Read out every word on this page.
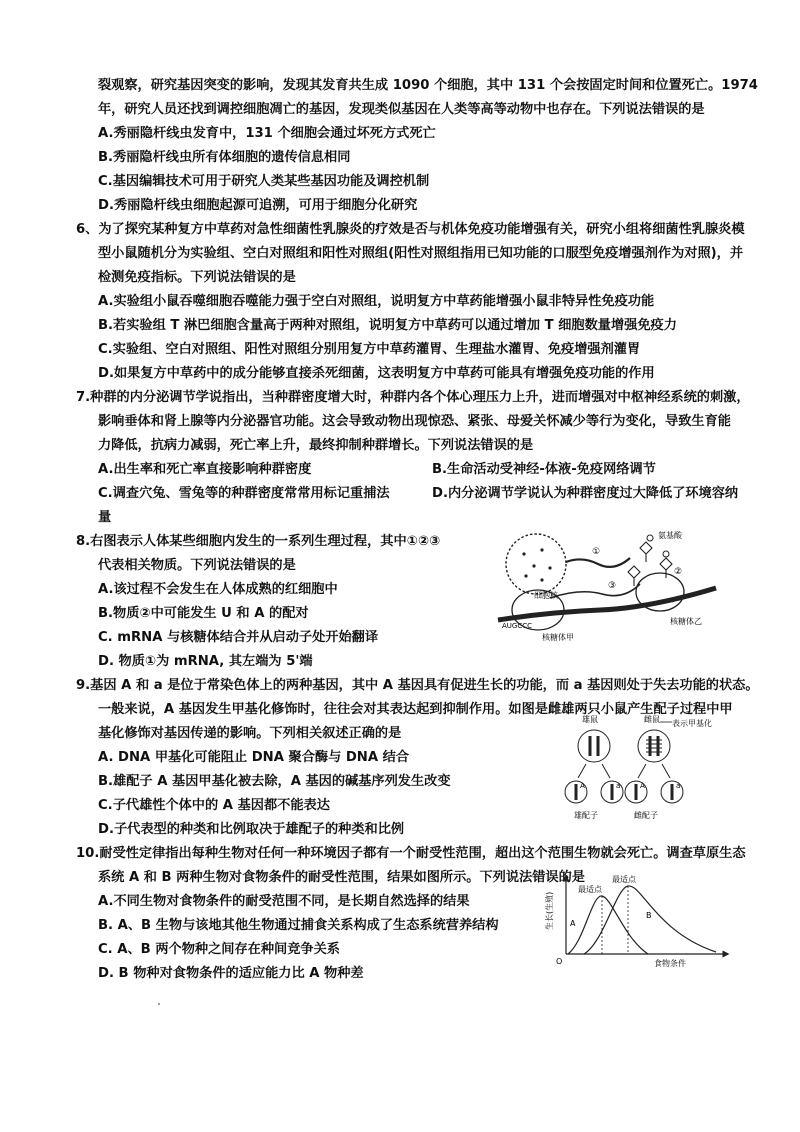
裂观察，研究基因突变的影响，发现其发育共生成 1090 个细胞，其中 131 个会按固定时间和位置死亡。1974
年，研究人员还找到调控细胞凋亡的基因，发现类似基因在人类等高等动物中也存在。下列说法错误的是
A.秀丽隐杆线虫发育中，131 个细胞会通过坏死方式死亡
B.秀丽隐杆线虫所有体细胞的遗传信息相同
C.基因编辑技术可用于研究人类某些基因功能及调控机制
D.秀丽隐杆线虫细胞起源可追溯，可用于细胞分化研究
6、为了探究某种复方中草药对急性细菌性乳腺炎的疗效是否与机体免疫功能增强有关，研究小组将细菌性乳腺炎模
型小鼠随机分为实验组、空白对照组和阳性对照组(阳性对照组指用已知功能的口服型免疫增强剂作为对照)，并
检测免疫指标。下列说法错误的是
A.实验组小鼠吞噬细胞吞噬能力强于空白对照组，说明复方中草药能增强小鼠非特异性免疫功能
B.若实验组 T 淋巴细胞含量高于两种对照组，说明复方中草药可以通过增加 T 细胞数量增强免疫力
C.实验组、空白对照组、阳性对照组分别用复方中草药灌胃、生理盐水灌胃、免疫增强剂灌胃
D.如果复方中草药中的成分能够直接杀死细菌，这表明复方中草药可能具有增强免疫功能的作用
7.种群的内分泌调节学说指出，当种群密度增大时，种群内各个体心理压力上升，进而增强对中枢神经系统的刺激，
影响垂体和肾上腺等内分泌器官功能。这会导致动物出现惊恐、紧张、母爱关怀减少等行为变化，导致生育能
力降低，抗病力减弱，死亡率上升，最终抑制种群增长。下列说法错误的是
A.出生率和死亡率直接影响种群密度	B.生命活动受神经-体液-免疫网络调节
C.调查穴兔、雪兔等的种群密度常常用标记重捕法	D.内分泌调节学说认为种群密度过大降低了环境容纳
量
8.右图表示人体某些细胞内发生的一系列生理过程，其中①②③
代表相关物质。下列说法错误的是
A.该过程不会发生在人体成熟的红细胞中
B.物质②中可能发生 U 和 A 的配对
C. mRNA 与核糖体结合并从启动子处开始翻译
D. 物质①为 mRNA, 其左端为 5'端
细胞核
①
氨基酸
②
AUGCCC
③
核糖体甲
核糖体乙
9.基因 A 和 a 是位于常染色体上的两种基因，其中 A 基因具有促进生长的功能，而 a 基因则处于失去功能的状态。
一般来说，A 基因发生甲基化修饰时，往往会对其表达起到抑制作用。如图是雌雄两只小鼠产生配子过程中甲
基化修饰对基因传递的影响。下列相关叙述正确的是
A. DNA 甲基化可能阻止 DNA 聚合酶与 DNA 结合
B.雄配子 A 基因甲基化被去除，A 基因的碱基序列发生改变
C.子代雄性个体中的 A 基因都不能表达
D.子代表型的种类和比例取决于雄配子的种类和比例
雄鼠	雌鼠 表示甲基化
A	a	A	a
雄配子	雌配子
10.耐受性定律指出每种生物对任何一种环境因子都有一个耐受性范围，超出这个范围生物就会死亡。调查草原生态
系统 A 和 B 两种生物对食物条件的耐受性范围，结果如图所示。下列说法错误的是
A.不同生物对食物条件的耐受范围不同，是长期自然选择的结果
B. A、B 生物与该地其他生物通过捕食关系构成了生态系统营养结构
C. A、B 两个物种之间存在种间竞争关系
D. B 物种对食物条件的适应能力比 A 物种差
生长(生殖)
食物条件
O
最适点
最适点
A
B
.
